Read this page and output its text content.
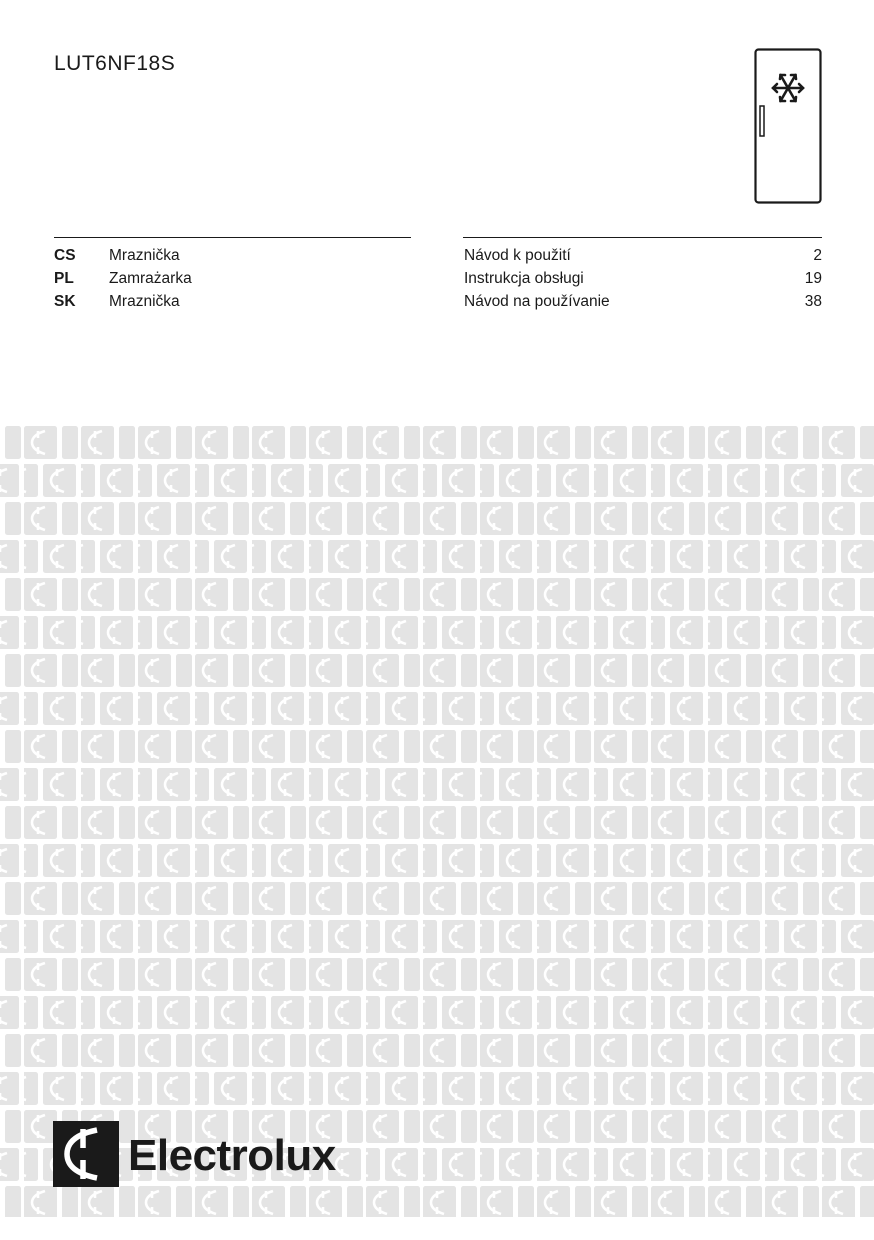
LUT6NF18S
CS	Mraznička
PL	Zamrażarka
SK	Mraznička
Návod k použití	2
Instrukcja obsługi	19
Návod na používanie	38
Electrolux
